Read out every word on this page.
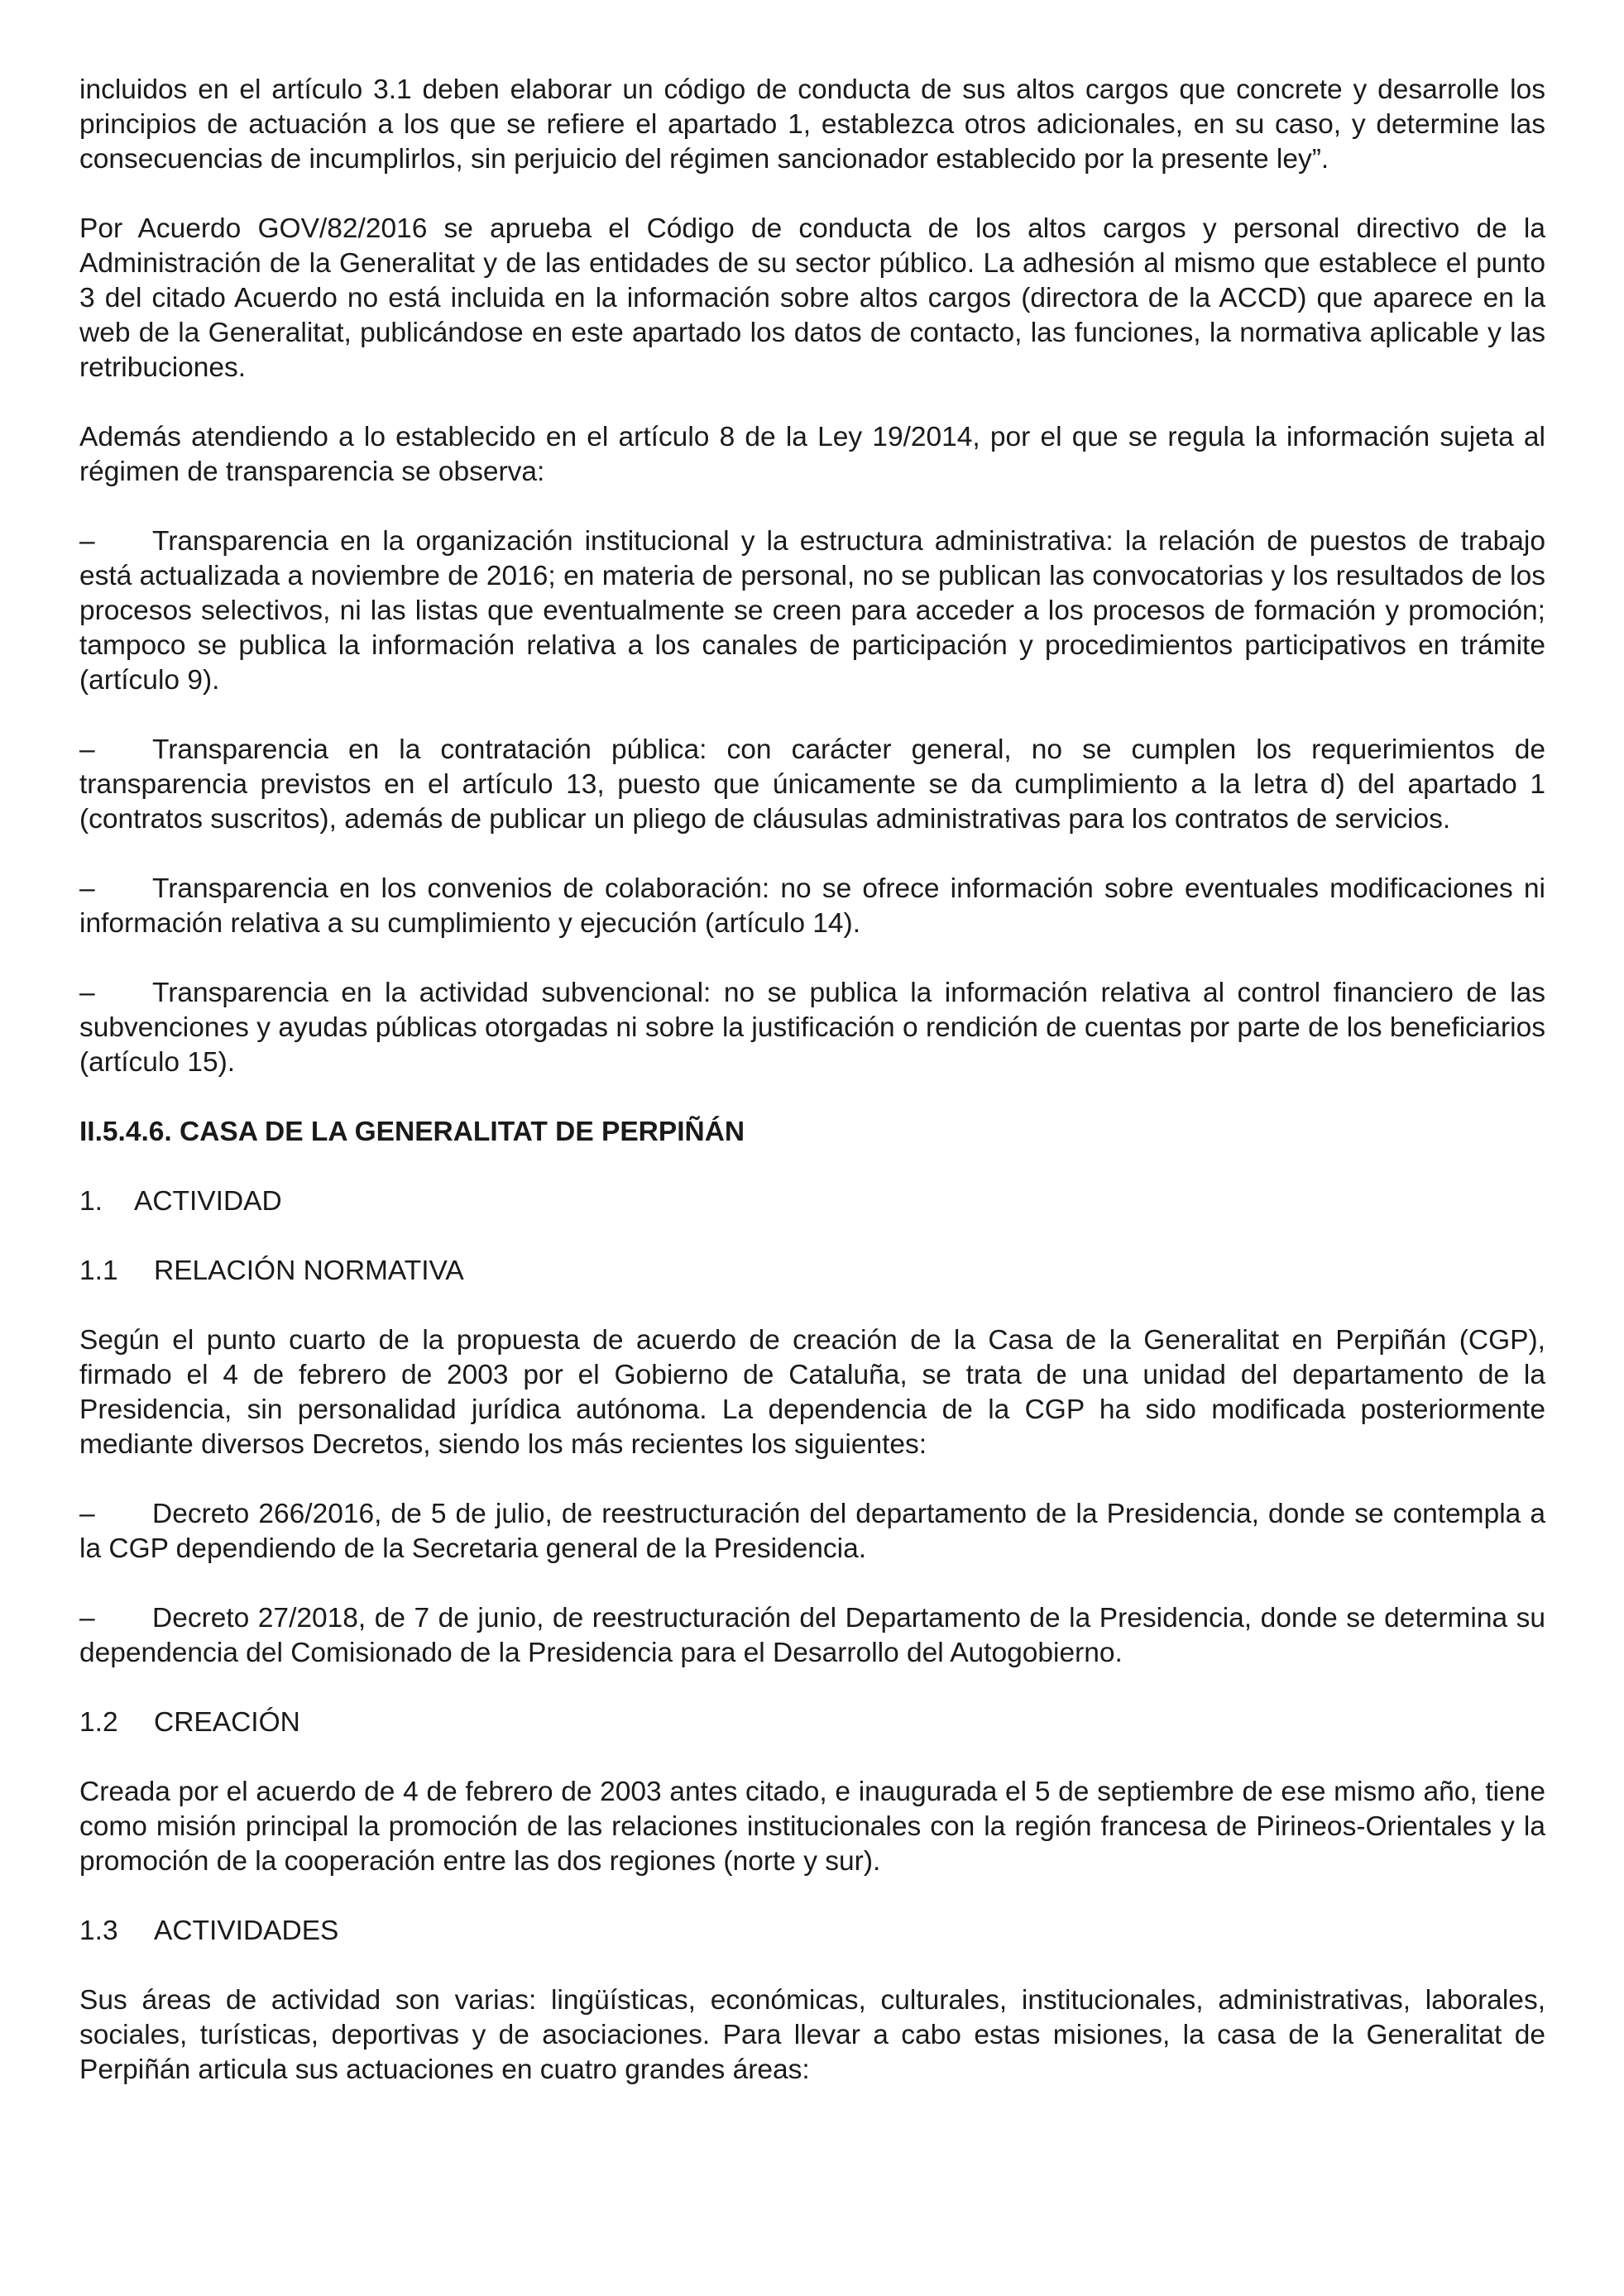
incluidos en el artículo 3.1 deben elaborar un código de conducta de sus altos cargos que concrete y desarrolle los principios de actuación a los que se refiere el apartado 1, establezca otros adicionales, en su caso, y determine las consecuencias de incumplirlos, sin perjuicio del régimen sancionador establecido por la presente ley”.

Por Acuerdo GOV/82/2016 se aprueba el Código de conducta de los altos cargos y personal directivo de la Administración de la Generalitat y de las entidades de su sector público. La adhesión al mismo que establece el punto 3 del citado Acuerdo no está incluida en la información sobre altos cargos (directora de la ACCD) que aparece en la web de la Generalitat, publicándose en este apartado los datos de contacto, las funciones, la normativa aplicable y las retribuciones.

Además atendiendo a lo establecido en el artículo 8 de la Ley 19/2014, por el que se regula la información sujeta al régimen de transparencia se observa:

– Transparencia en la organización institucional y la estructura administrativa: la relación de puestos de trabajo está actualizada a noviembre de 2016; en materia de personal, no se publican las convocatorias y los resultados de los procesos selectivos, ni las listas que eventualmente se creen para acceder a los procesos de formación y promoción; tampoco se publica la información relativa a los canales de participación y procedimientos participativos en trámite (artículo 9).

– Transparencia en la contratación pública: con carácter general, no se cumplen los requerimientos de transparencia previstos en el artículo 13, puesto que únicamente se da cumplimiento a la letra d) del apartado 1 (contratos suscritos), además de publicar un pliego de cláusulas administrativas para los contratos de servicios.

– Transparencia en los convenios de colaboración: no se ofrece información sobre eventuales modificaciones ni información relativa a su cumplimiento y ejecución (artículo 14).

– Transparencia en la actividad subvencional: no se publica la información relativa al control financiero de las subvenciones y ayudas públicas otorgadas ni sobre la justificación o rendición de cuentas por parte de los beneficiarios (artículo 15).

II.5.4.6. CASA DE LA GENERALITAT DE PERPIÑÁN

1. ACTIVIDAD

1.1 RELACIÓN NORMATIVA

Según el punto cuarto de la propuesta de acuerdo de creación de la Casa de la Generalitat en Perpiñán (CGP), firmado el 4 de febrero de 2003 por el Gobierno de Cataluña, se trata de una unidad del departamento de la Presidencia, sin personalidad jurídica autónoma. La dependencia de la CGP ha sido modificada posteriormente mediante diversos Decretos, siendo los más recientes los siguientes:

– Decreto 266/2016, de 5 de julio, de reestructuración del departamento de la Presidencia, donde se contempla a la CGP dependiendo de la Secretaria general de la Presidencia.

– Decreto 27/2018, de 7 de junio, de reestructuración del Departamento de la Presidencia, donde se determina su dependencia del Comisionado de la Presidencia para el Desarrollo del Autogobierno.

1.2 CREACIÓN

Creada por el acuerdo de 4 de febrero de 2003 antes citado, e inaugurada el 5 de septiembre de ese mismo año, tiene como misión principal la promoción de las relaciones institucionales con la región francesa de Pirineos-Orientales y la promoción de la cooperación entre las dos regiones (norte y sur).

1.3 ACTIVIDADES

Sus áreas de actividad son varias: lingüísticas, económicas, culturales, institucionales, administrativas, laborales, sociales, turísticas, deportivas y de asociaciones. Para llevar a cabo estas misiones, la casa de la Generalitat de Perpiñán articula sus actuaciones en cuatro grandes áreas:
